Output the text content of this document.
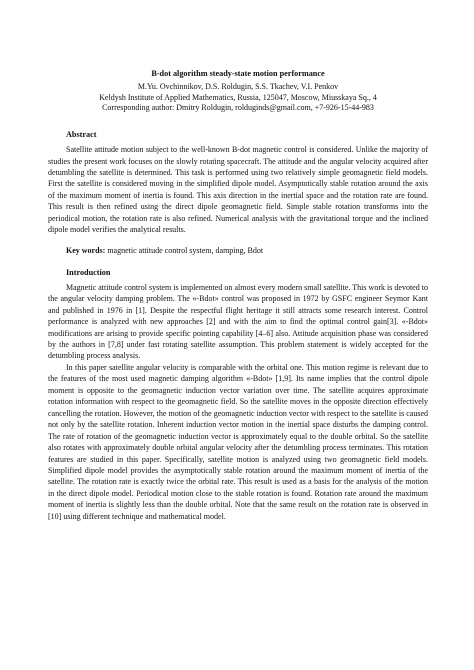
B-dot algorithm steady-state motion performance
M.Yu. Ovchinnikov, D.S. Roldugin, S.S. Tkachev, V.I. Penkov
Keldysh Institute of Applied Mathematics, Russia, 125047, Moscow, Miusskaya Sq., 4
Corresponding author: Dmitry Roldugin, rolduginds@gmail.com, +7-926-15-44-983
Abstract

Satellite attitude motion subject to the well-known B-dot magnetic control is considered. Unlike the majority of studies the present work focuses on the slowly rotating spacecraft. The attitude and the angular velocity acquired after detumbling the satellite is determined. This task is performed using two relatively simple geomagnetic field models. First the satellite is considered moving in the simplified dipole model. Asymptotically stable rotation around the axis of the maximum moment of inertia is found. This axis direction in the inertial space and the rotation rate are found. This result is then refined using the direct dipole geomagnetic field. Simple stable rotation transforms into the periodical motion, the rotation rate is also refined. Numerical analysis with the gravitational torque and the inclined dipole model verifies the analytical results.

Key words: magnetic attitude control system, damping, Bdot

Introduction

Magnetic attitude control system is implemented on almost every modern small satellite. This work is devoted to the angular velocity damping problem. The «-Bdot» control was proposed in 1972 by GSFC engineer Seymor Kant and published in 1976 in [1]. Despite the respectful flight heritage it still attracts some research interest. Control performance is analyzed with new approaches [2] and with the aim to find the optimal control gain[3]. «-Bdot» modifications are arising to provide specific pointing capability [4–6] also. Attitude acquisition phase was considered by the authors in [7,8] under fast rotating satellite assumption. This problem statement is widely accepted for the detumbling process analysis.

In this paper satellite angular velocity is comparable with the orbital one. This motion regime is relevant due to the features of the most used magnetic damping algorithm «-Bdot» [1,9]. Its name implies that the control dipole moment is opposite to the geomagnetic induction vector variation over time. The satellite acquires approximate rotation information with respect to the geomagnetic field. So the satellite moves in the opposite direction effectively cancelling the rotation. However, the motion of the geomagnetic induction vector with respect to the satellite is caused not only by the satellite rotation. Inherent induction vector motion in the inertial space disturbs the damping control. The rate of rotation of the geomagnetic induction vector is approximately equal to the double orbital. So the satellite also rotates with approximately double orbital angular velocity after the detumbling process terminates. This rotation features are studied in this paper. Specifically, satellite motion is analyzed using two geomagnetic field models. Simplified dipole model provides the asymptotically stable rotation around the maximum moment of inertia of the satellite. The rotation rate is exactly twice the orbital rate. This result is used as a basis for the analysis of the motion in the direct dipole model. Periodical motion close to the stable rotation is found. Rotation rate around the maximum moment of inertia is slightly less than the double orbital. Note that the same result on the rotation rate is observed in [10] using different technique and mathematical model.
